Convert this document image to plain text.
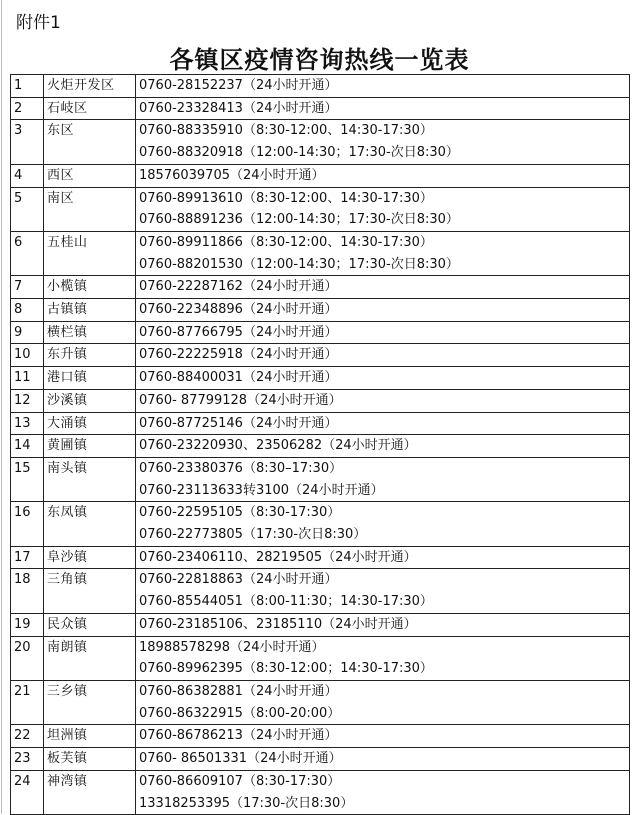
附件1
各镇区疫情咨询热线一览表
1	火炬开发区	0760-28152237（24小时开通）

2	石岐区	0760-23328413（24小时开通）

3	东区	0760-88335910（8:30-12:00、14:30-17:30）
0760-88320918（12:00-14:30；17:30-次日8:30）

4	西区	18576039705（24小时开通）

5	南区	0760-89913610（8:30-12:00、14:30-17:30）
0760-88891236（12:00-14:30；17:30-次日8:30）

6	五桂山	0760-89911866（8:30-12:00、14:30-17:30）
0760-88201530（12:00-14:30；17:30-次日8:30）

7	小榄镇	0760-22287162（24小时开通）

8	古镇镇	0760-22348896（24小时开通）

9	横栏镇	0760-87766795（24小时开通）

10	东升镇	0760-22225918（24小时开通）

11	港口镇	0760-88400031（24小时开通）

12	沙溪镇	0760- 87799128（24小时开通）

13	大涌镇	0760-87725146（24小时开通）

14	黄圃镇	0760-23220930、23506282（24小时开通）

15	南头镇	0760-23380376（8:30–17:30）
0760-23113633转3100（24小时开通）

16	东凤镇	0760-22595105（8:30-17:30）
0760-22773805（17:30-次日8:30）

17	阜沙镇	0760-23406110、28219505（24小时开通）

18	三角镇	0760-22818863（24小时开通）
0760-85544051（8:00-11:30；14:30-17:30）

19	民众镇	0760-23185106、23185110（24小时开通）

20	南朗镇	18988578298（24小时开通）
0760-89962395（8:30-12:00；14:30-17:30）

21	三乡镇	0760-86382881（24小时开通）
0760-86322915（8:00-20:00）

22	坦洲镇	0760-86786213（24小时开通）

23	板芙镇	0760- 86501331（24小时开通）

24	神湾镇	0760-86609107（8:30-17:30）
13318253395（17:30-次日8:30）
